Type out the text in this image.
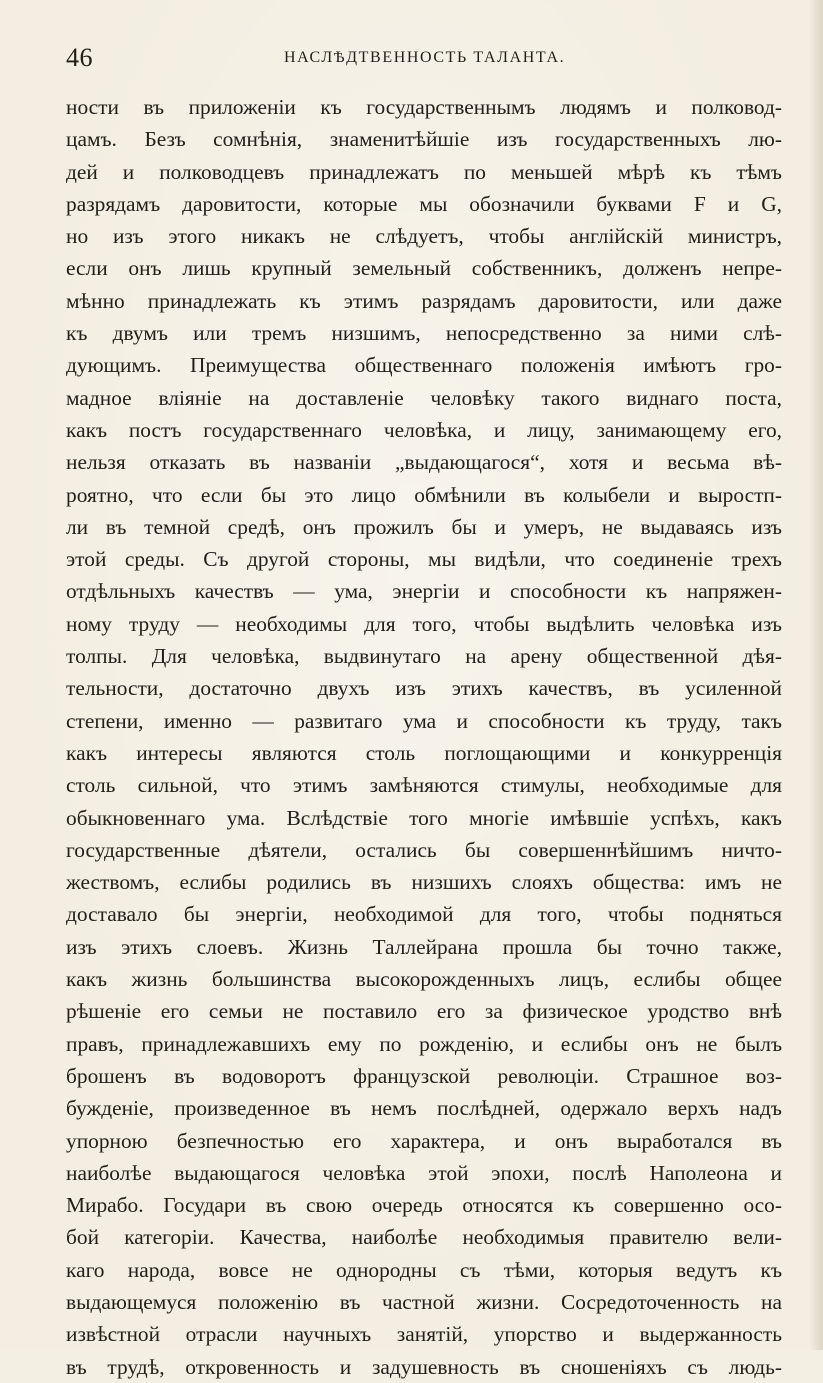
46	НАСЛѢДТВЕННОСТЬ ТАЛАНТА.
ности въ приложеніи къ государственнымъ людямъ и полковод-
цамъ. Безъ сомнѣнія, знаменитѣйшіе изъ государственныхъ лю-
дей и полководцевъ принадлежатъ по меньшей мѣрѣ къ тѣмъ
разрядамъ даровитости, которые мы обозначили буквами F и G,
но изъ этого никакъ не слѣдуетъ, чтобы англійскій министръ,
если онъ лишь крупный земельный собственникъ, долженъ непре-
мѣнно принадлежать къ этимъ разрядамъ даровитости, или даже
къ двумъ или тремъ низшимъ, непосредственно за ними слѣ-
дующимъ. Преимущества общественнаго положенія имѣютъ гро-
мадное вліяніе на доставленіе человѣку такого виднаго поста,
какъ постъ государственнаго человѣка, и лицу, занимающему его,
нельзя отказать въ названіи „выдающагося“, хотя и весьма вѣ-
роятно, что если бы это лицо обмѣнили въ колыбели и выростп-
ли въ темной средѣ, онъ прожилъ бы и умеръ, не выдаваясь изъ
этой среды. Съ другой стороны, мы видѣли, что соединеніе трехъ
отдѣльныхъ качествъ — ума, энергіи и способности къ напряжен-
ному труду — необходимы для того, чтобы выдѣлить человѣка изъ
толпы. Для человѣка, выдвинутаго на арену общественной дѣя-
тельности, достаточно двухъ изъ этихъ качествъ, въ усиленной
степени, именно — развитаго ума и способности къ труду, такъ
какъ интересы являются столь поглощающими и конкурренція
столь сильной, что этимъ замѣняются стимулы, необходимые для
обыкновеннаго ума. Вслѣдствіе того многіе имѣвшіе успѣхъ, какъ
государственные дѣятели, остались бы совершеннѣйшимъ ничто-
жествомъ, еслибы родились въ низшихъ слояхъ общества: имъ не
доставало бы энергіи, необходимой для того, чтобы подняться
изъ этихъ слоевъ. Жизнь Таллейрана прошла бы точно также,
какъ жизнь большинства высокорожденныхъ лицъ, еслибы общее
рѣшеніе его семьи не поставило его за физическое уродство внѣ
правъ, принадлежавшихъ ему по рожденію, и еслибы онъ не былъ
брошенъ въ водоворотъ французской революціи. Страшное воз-
бужденіе, произведенное въ немъ послѣдней, одержало верхъ надъ
упорною безпечностью его характера, и онъ выработался въ
наиболѣе выдающагося человѣка этой эпохи, послѣ Наполеона и
Мирабо. Государи въ свою очередь относятся къ совершенно осо-
бой категоріи. Качества, наиболѣе необходимыя правителю вели-
каго народа, вовсе не однородны съ тѣми, которыя ведутъ къ
выдающемуся положенію въ частной жизни. Сосредоточенность на
извѣстной отрасли научныхъ занятій, упорство и выдержанность
въ трудѣ, откровенность и задушевность въ сношеніяхъ съ людь-
